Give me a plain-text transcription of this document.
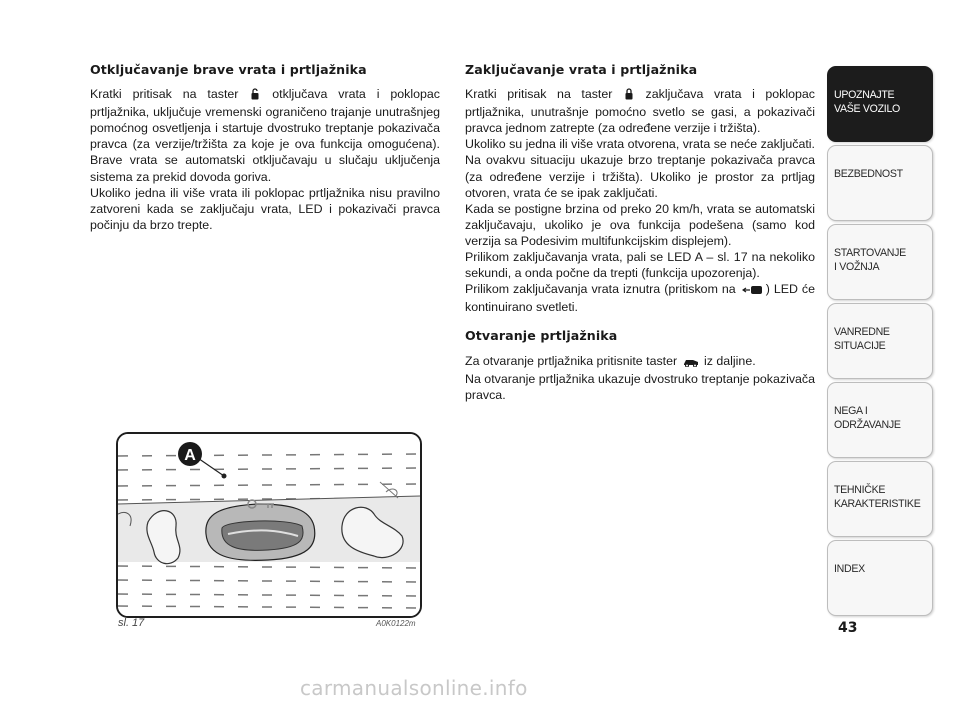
Otključavanje brave vrata i prtljažnika

Kratki pritisak na taster  otključava vrata i poklopac prtljažnika, uključuje vremenski ograničeno trajanje unutrašnjeg pomoćnog osvetljenja i startuje dvostruko treptanje pokazivača pravca (za verzije/tržišta za koje je ova funkcija omogućena). Brave vrata se automatski otključavaju u slučaju uključenja sistema za prekid dovoda goriva.

Ukoliko jedna ili više vrata ili poklopac prtljažnika nisu pravilno zatvoreni kada se zaključaju vrata, LED i pokazivači pravca počinju da brzo trepte.

Zaključavanje vrata i prtljažnika

Kratki pritisak na taster  zaključava vrata i poklopac prtljažnika, unutrašnje pomoćno svetlo se gasi, a pokazivači pravca jednom zatrepte (za određene verzije i tržišta).

Ukoliko su jedna ili više vrata otvorena, vrata se neće zaključati. Na ovakvu situaciju ukazuje brzo treptanje pokazivača pravca (za određene verzije i tržišta). Ukoliko je prostor za prtljag otvoren, vrata će se ipak zaključati.

Kada se postigne brzina od preko 20 km/h, vrata se automatski zaključavaju, ukoliko je ova funkcija podešena (samo kod verzija sa Podesivim multifunkcijskim displejem).

Prilikom zaključavanja vrata, pali se LED A – sl. 17 na nekoliko sekundi, a onda počne da trepti (funkcija upozorenja).

Prilikom zaključavanja vrata iznutra (pritiskom na ) LED će kontinuirano svetleti.

Otvaranje prtljažnika

Za otvaranje prtljažnika pritisnite taster  iz daljine.

Na otvaranje prtljažnika ukazuje dvostruko treptanje pokazivača pravca.

A
sl. 17	A0K0122m
UPOZNAJTE
VAŠE VOZILO
BEZBEDNOST
STARTOVANJE
I VOŽNJA
VANREDNE
SITUACIJE
NEGA I
ODRŽAVANJE
TEHNIČKE
KARAKTERISTIKE
INDEX
43
carmanualsonline.info
